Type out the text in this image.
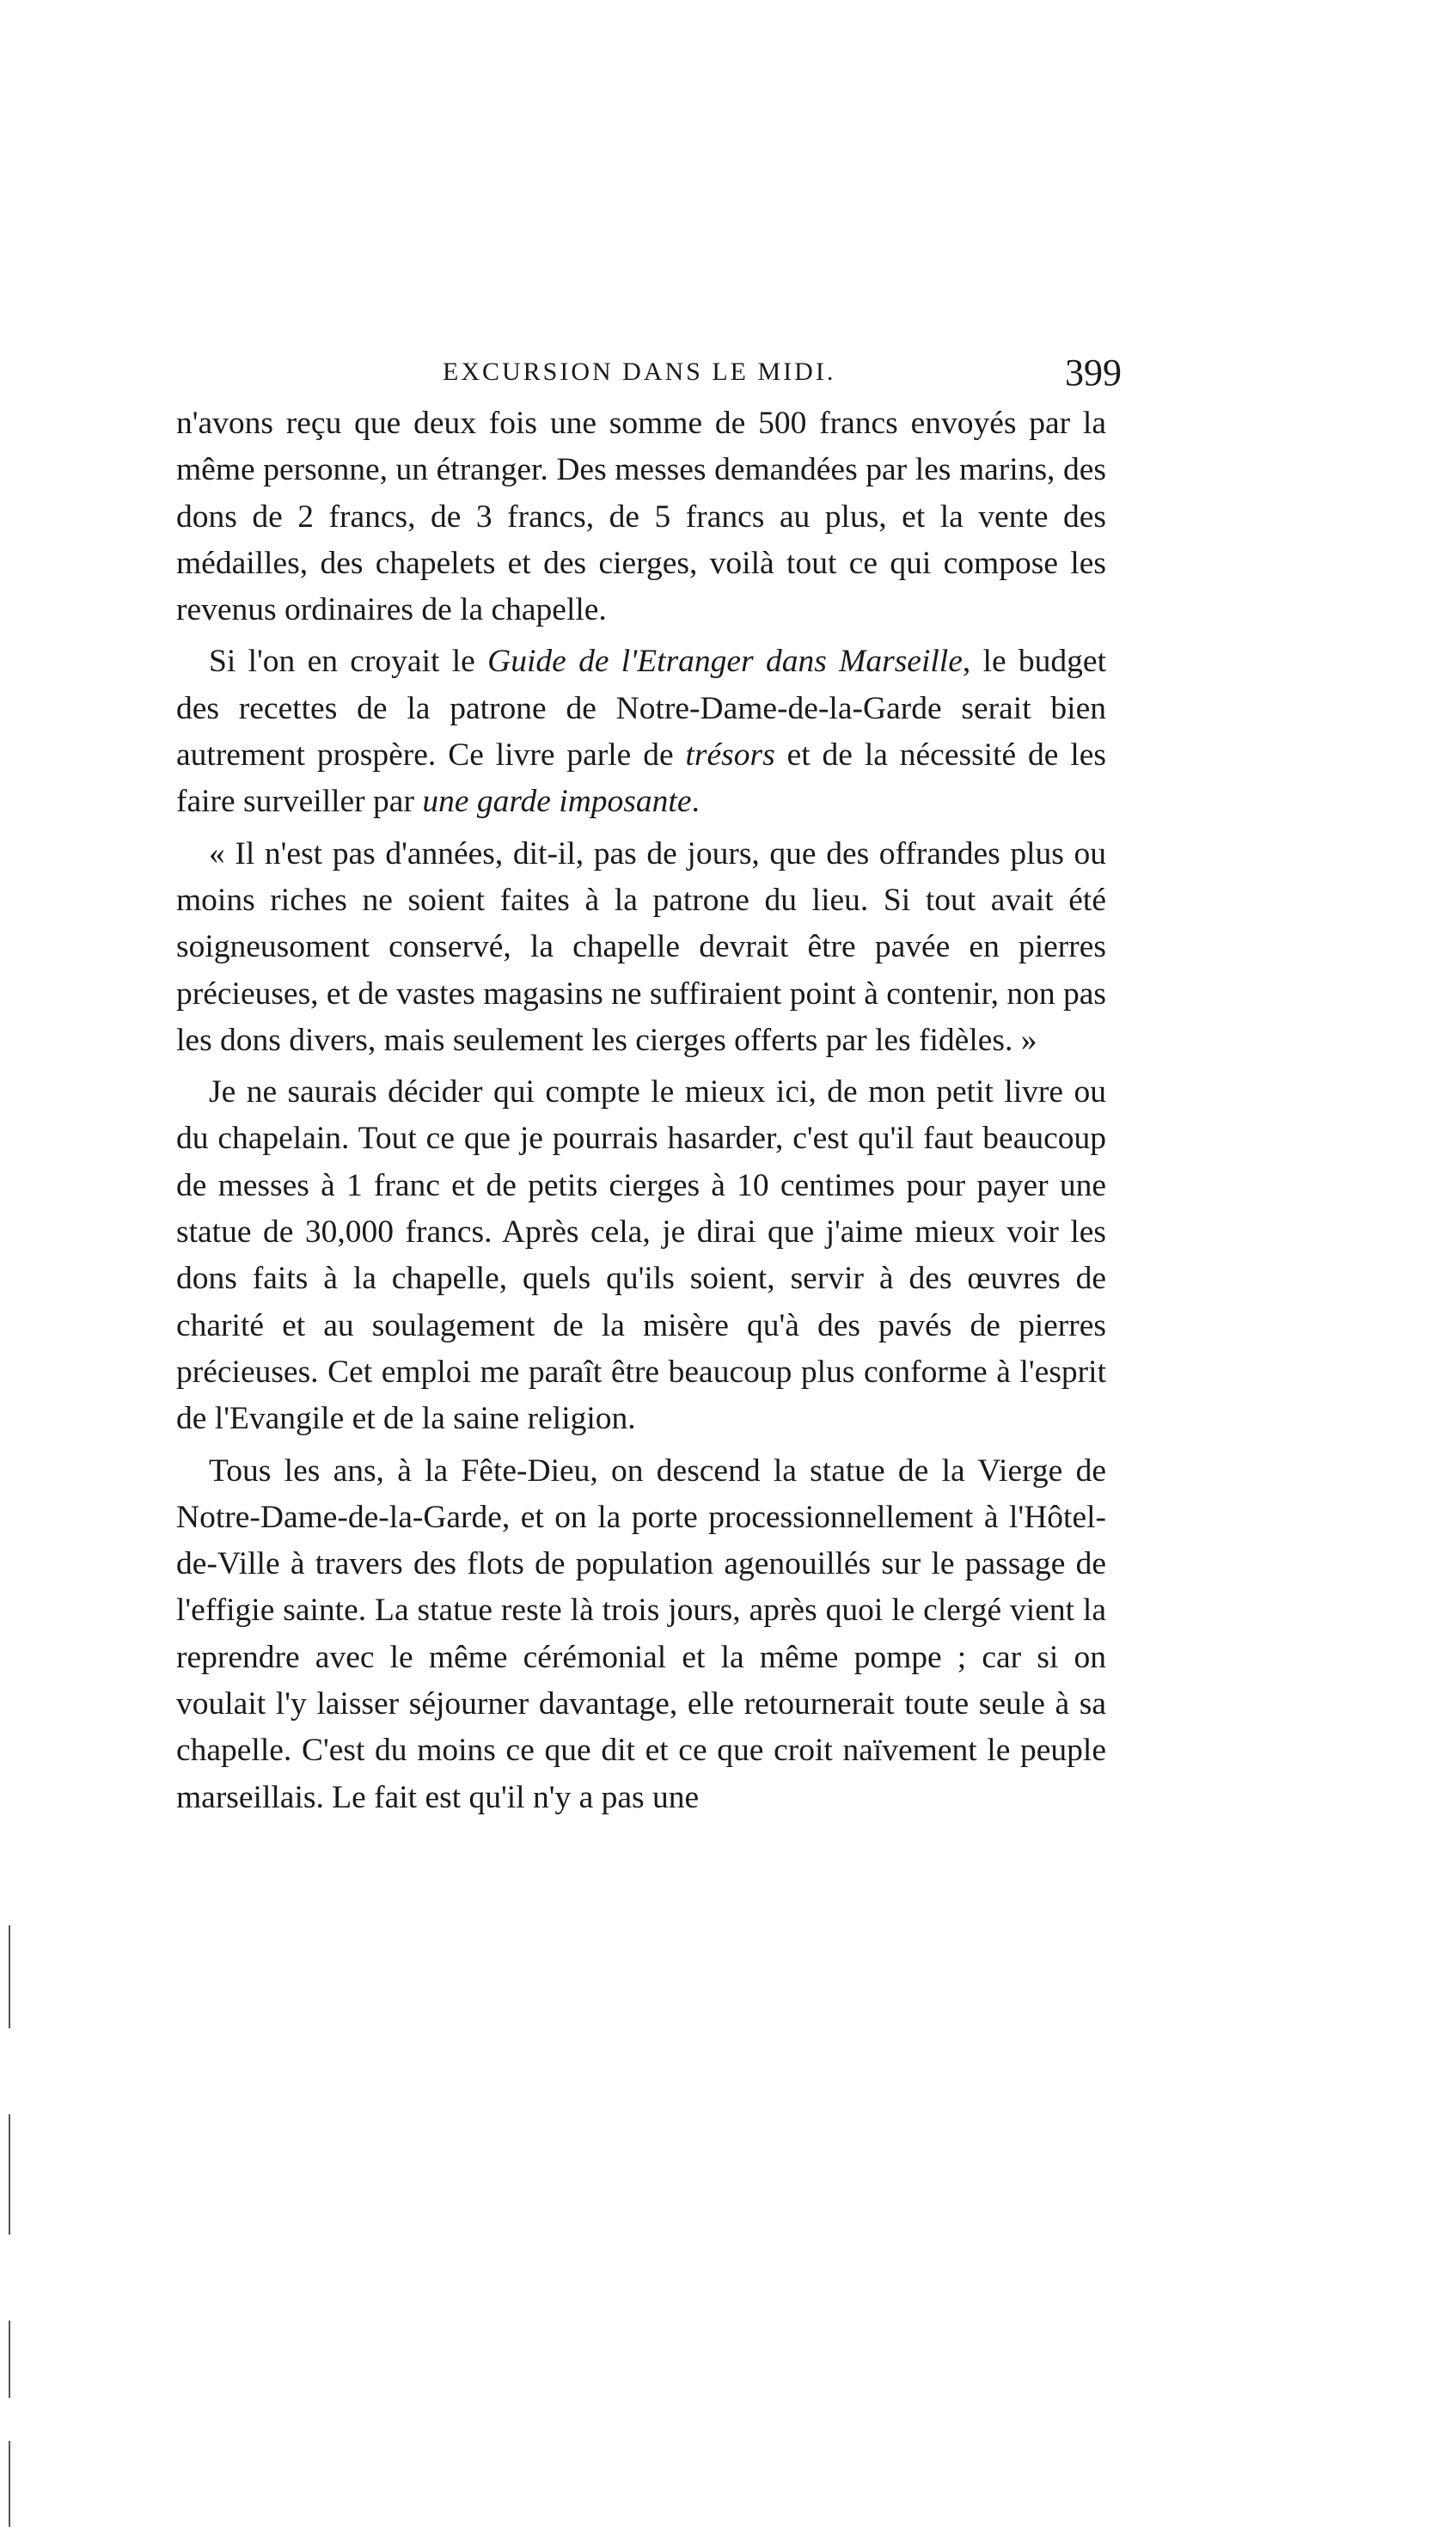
EXCURSION DANS LE MIDI.	399

n'avons reçu que deux fois une somme de 500 francs envoyés par la même personne, un étranger. Des messes demandées par les marins, des dons de 2 francs, de 3 francs, de 5 francs au plus, et la vente des médailles, des chapelets et des cierges, voilà tout ce qui compose les revenus ordinaires de la chapelle.

Si l'on en croyait le Guide de l'Etranger dans Marseille, le budget des recettes de la patrone de Notre-Dame-de-la-Garde serait bien autrement prospère. Ce livre parle de trésors et de la nécessité de les faire surveiller par une garde imposante.

« Il n'est pas d'années, dit-il, pas de jours, que des offrandes plus ou moins riches ne soient faites à la patrone du lieu. Si tout avait été soigneusoment conservé, la chapelle devrait être pavée en pierres précieuses, et de vastes magasins ne suffiraient point à contenir, non pas les dons divers, mais seulement les cierges offerts par les fidèles. »

Je ne saurais décider qui compte le mieux ici, de mon petit livre ou du chapelain. Tout ce que je pourrais hasarder, c'est qu'il faut beaucoup de messes à 1 franc et de petits cierges à 10 centimes pour payer une statue de 30,000 francs. Après cela, je dirai que j'aime mieux voir les dons faits à la chapelle, quels qu'ils soient, servir à des œuvres de charité et au soulagement de la misère qu'à des pavés de pierres précieuses. Cet emploi me paraît être beaucoup plus conforme à l'esprit de l'Evangile et de la saine religion.

Tous les ans, à la Fête-Dieu, on descend la statue de la Vierge de Notre-Dame-de-la-Garde, et on la porte processionnellement à l'Hôtel-de-Ville à travers des flots de population agenouillés sur le passage de l'effigie sainte. La statue reste là trois jours, après quoi le clergé vient la reprendre avec le même cérémonial et la même pompe ; car si on voulait l'y laisser séjourner davantage, elle retournerait toute seule à sa chapelle. C'est du moins ce que dit et ce que croit naïvement le peuple marseillais. Le fait est qu'il n'y a pas une
